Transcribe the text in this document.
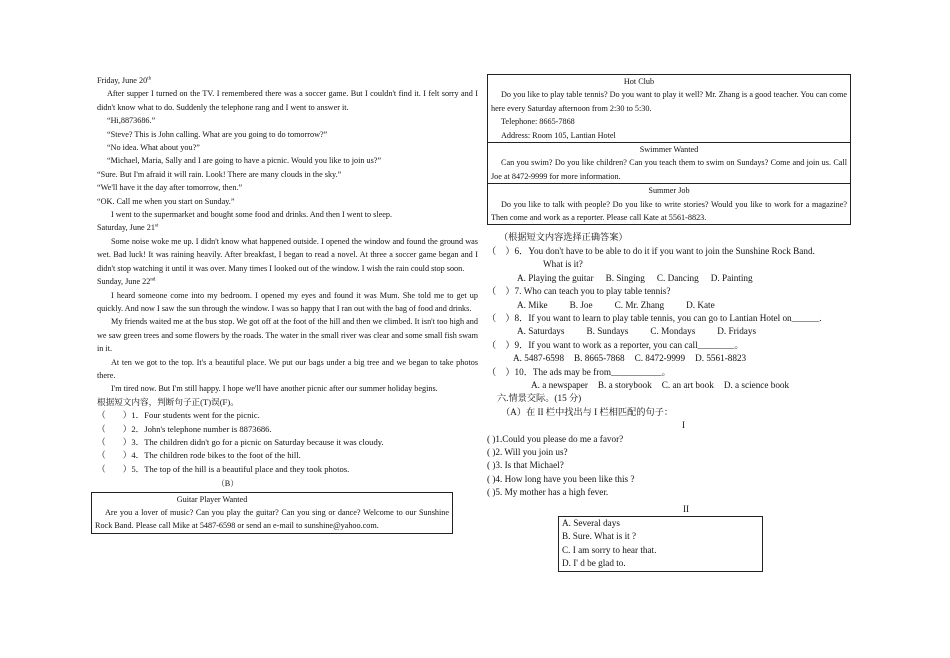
Friday, June 20th

After supper I turned on the TV. I remembered there was a soccer game. But I couldn't find it. I felt sorry and I didn't know what to do. Suddenly the telephone rang and I went to answer it.

“Hi,8873686.”

“Steve? This is John calling. What are you going to do tomorrow?”

“No idea. What about you?”

“Michael, Maria, Sally and I are going to have a picnic. Would you like to join us?”

“Sure. But I'm afraid it will rain. Look! There are many clouds in the sky.”

“We'll have it the day after tomorrow, then.”

“OK. Call me when you start on Sunday.”

I went to the supermarket and bought some food and drinks. And then I went to sleep.

Saturday, June 21st

Some noise woke me up. I didn't know what happened outside. I opened the window and found the ground was wet. Bad luck! It was raining heavily. After breakfast, I began to read a novel. At three a soccer game began and I didn't stop watching it until it was over. Many times I looked out of the window. I wish the rain could stop soon.

Sunday, June 22nd

I heard someone come into my bedroom. I opened my eyes and found it was Mum. She told me to get up quickly. And now I saw the sun through the window. I was so happy that I ran out with the bag of food and drinks.

My friends waited me at the bus stop. We got off at the foot of the hill and then we climbed. It isn't too high and we saw green trees and some flowers by the roads. The water in the small river was clear and some small fish swam in it.

At ten we got to the top. It's a beautiful place. We put our bags under a big tree and we began to take photos there.

I'm tired now. But I'm still happy. I hope we'll have another picnic after our summer holiday begins.

根据短文内容，判断句子正(T)误(F)。

（　　）1．Four students went for the picnic.

（　　）2．John's telephone number is 8873686.

（　　）3．The children didn't go for a picnic on Saturday because it was cloudy.

（　　）4．The children rode bikes to the foot of the hill.

（　　）5．The top of the hill is a beautiful place and they took photos.

（B）

Guitar Player Wanted

Are you a lover of music? Can you play the guitar? Can you sing or dance? Welcome to our Sunshine Rock Band. Please call Mike at 5487-6598 or send an e-mail to sunshine@yahoo.com.

Hot Club

Do you like to play table tennis? Do you want to play it well? Mr. Zhang is a good teacher. You can come here every Saturday afternoon from 2:30 to 5:30.

Telephone: 8665-7868

Address: Room 105, Lantian Hotel

Swimmer Wanted

Can you swim? Do you like children? Can you teach them to swim on Sundays? Come and join us. Call Joe at 8472-9999 for more information.

Summer Job

Do you like to talk with people? Do you like to write stories? Would you like to work for a magazine? Then come and work as a reporter. Please call Kate at 5561-8823.

（根据短文内容选择正确答案）

（　）6．You don't have to be able to do it if you want to join the Sunshine Rock Band.

What is it?

A. Playing the guitar B. Singing C. Dancing D. Painting

（　）7. Who can teach you to play table tennis?

A. Mike B. Joe C. Mr. Zhang D. Kate

（　）8．If you want to learn to play table tennis, you can go to Lantian Hotel on______.

A. Saturdays B. Sundays C. Mondays D. Fridays

（　）9．If you want to work as a reporter, you can call________。

A. 5487-6598 B. 8665-7868 C. 8472-9999 D. 5561-8823

（　）10．The ads may be from___________。

A. a newspaper B. a storybook C. an art book D. a science book

六.情景交际。(15 分)

（A）在 II 栏中找出与 I 栏相匹配的句子：

I

( )1.Could you please do me a favor?

( )2. Will you join us?

( )3. Is that Michael?

( )4. How long have you been like this ?

( )5. My mother has a high fever.

II

A. Several days

B. Sure. What is it ?

C. I am sorry to hear that.

D. I' d be glad to.
